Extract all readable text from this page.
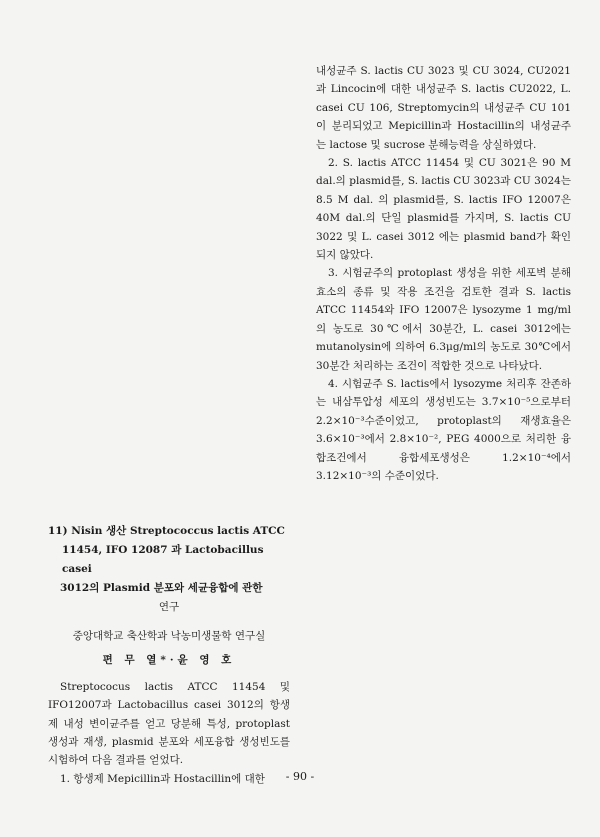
내성균주 S. lactis CU 3023 및 CU 3024, CU2021과 Lincocin에 대한 내성균주 S. lactis CU2022, L. casei CU 106, Streptomycin의 내성균주 CU 101이 분리되었고 Mepicillin과 Hostacillin의 내성균주는 lactose 및 sucrose 분해능력을 상실하였다.

2. S. lactis ATCC 11454 및 CU 3021은 90 M dal.의 plasmid를, S. lactis CU 3023과 CU 3024는 8.5 M dal. 의 plasmid를, S. lactis IFO 12007은 40M dal.의 단일 plasmid를 가지며, S. lactis CU 3022 및 L. casei 3012 에는 plasmid band가 확인되지 않았다.

3. 시험균주의 protoplast 생성을 위한 세포벽 분해효소의 종류 및 작용 조건을 검토한 결과 S. lactis ATCC 11454와 IFO 12007은 lysozyme 1 mg/ml의 농도로 30℃에서 30분간, L. casei 3012에는 mutanolysin에 의하여 6.3μg/ml의 농도로 30℃에서 30분간 처리하는 조건이 적합한 것으로 나타났다.

4. 시험균주 S. lactis에서 lysozyme 처리후 잔존하는 내삼투압성 세포의 생성빈도는 3.7×10⁻⁵으로부터 2.2×10⁻³수준이었고, protoplast의 재생효율은 3.6×10⁻³에서 2.8×10⁻², PEG 4000으로 처리한 융합조건에서 융합세포생성은 1.2×10⁻⁴에서 3.12×10⁻³의 수준이었다.

11) Nisin 생산 Streptococcus lactis ATCC
11454, IFO 12087 과 Lactobacillus casei
3012의 Plasmid 분포와 세균융합에 관한
연구
중앙대학교 축산학과 낙농미생물학 연구실
편 무 열*·윤 영 호

Streptococus lactis ATCC 11454 및 IFO12007과 Lactobacillus casei 3012의 항생제 내성 변이균주를 얻고 당분해 특성, protoplast 생성과 재생, plasmid 분포와 세포융합 생성빈도를 시험하여 다음 결과를 얻었다.

1. 항생제 Mepicillin과 Hostacillin에 대한	- 90 -
